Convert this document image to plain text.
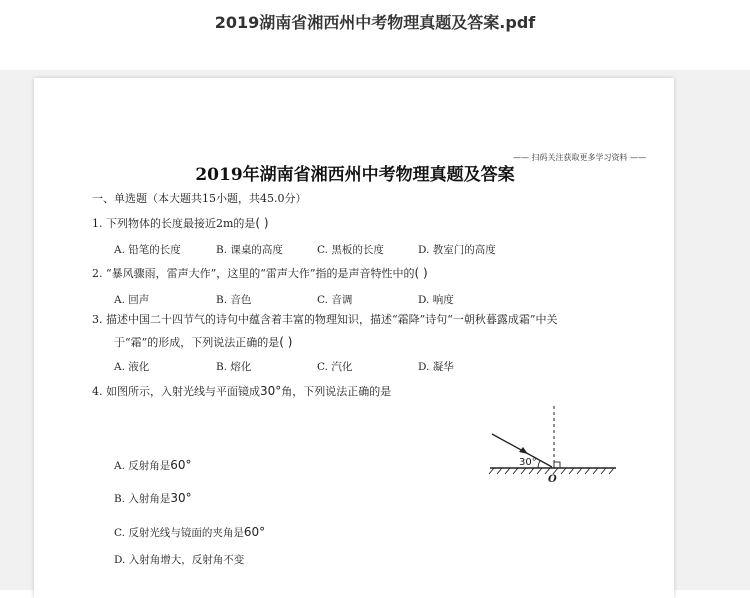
2019湖南省湘西州中考物理真题及答案.pdf
—— 扫码关注获取更多学习资料 ——
2019年湖南省湘西州中考物理真题及答案
一、单选题（本大题共15小题，共45.0分）
1. 下列物体的长度最接近2m的是( )
A. 铅笔的长度	B. 课桌的高度	C. 黑板的长度	D. 教室门的高度
2. “暴风骤雨，雷声大作”，这里的“雷声大作”指的是声音特性中的( )
A. 回声	B. 音色	C. 音调	D. 响度
3. 描述中国二十四节气的诗句中蕴含着丰富的物理知识，描述“霜降”诗句“一朝秋暮露成霜”中关
于“霜”的形成，下列说法正确的是( )
A. 液化	B. 熔化	C. 汽化	D. 凝华
4. 如图所示，入射光线与平面镜成30°角，下列说法正确的是
30°
O
A. 反射角是60°
B. 入射角是30°
C. 反射光线与镜面的夹角是60°
D. 入射角增大，反射角不变
